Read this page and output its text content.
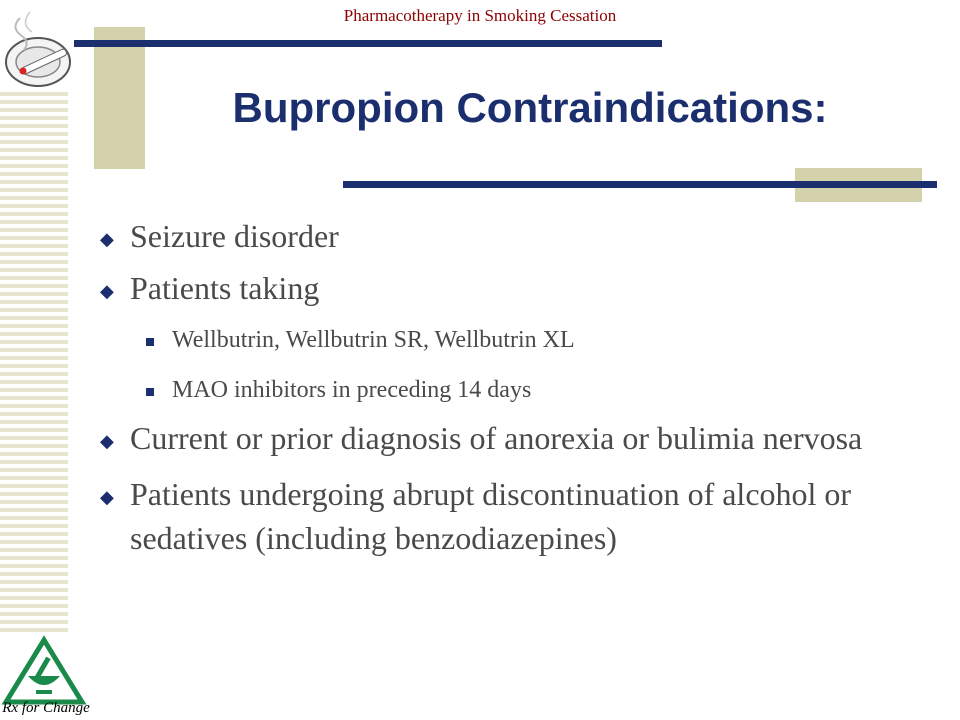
Pharmacotherapy in Smoking Cessation
Bupropion Contraindications:
◆ Seizure disorder
◆ Patients taking
Wellbutrin, Wellbutrin SR, Wellbutrin XL
MAO inhibitors in preceding 14 days
◆ Current or prior diagnosis of anorexia or bulimia nervosa
◆ Patients undergoing abrupt discontinuation of alcohol or sedatives (including benzodiazepines)
Rx for Change
